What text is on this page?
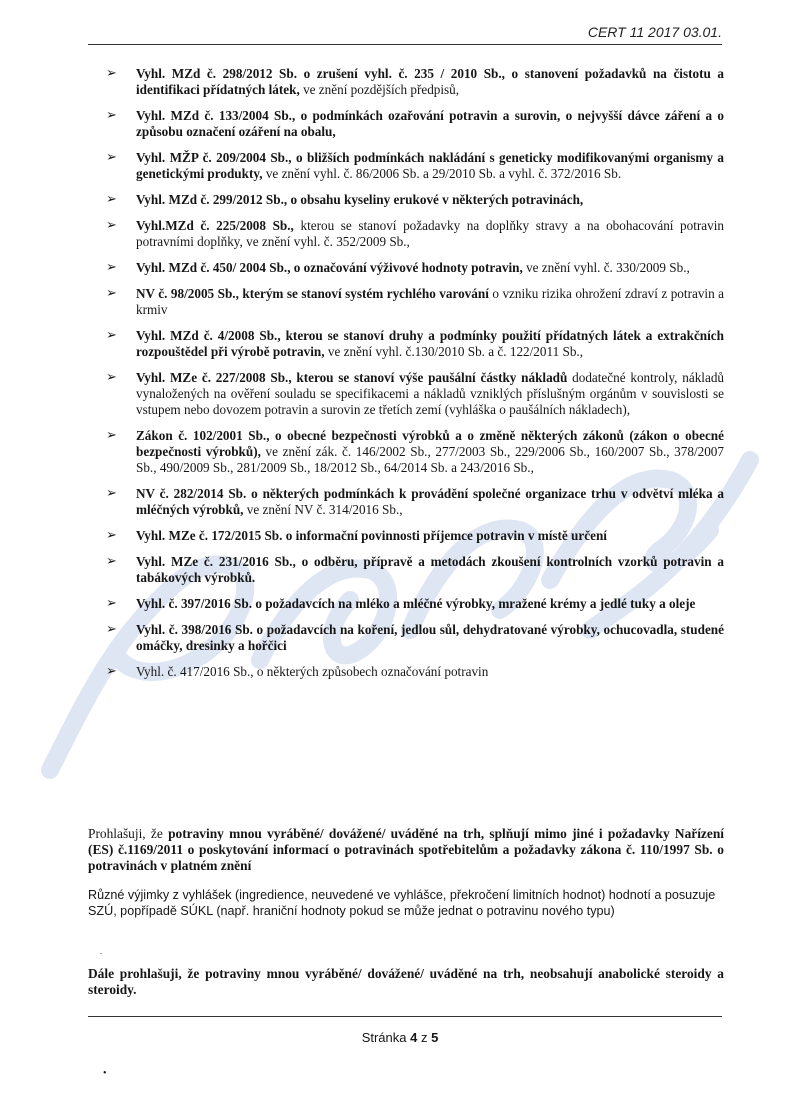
CERT 11 2017 03.01.
➢ Vyhl. MZd č. 298/2012 Sb. o zrušení vyhl. č. 235 / 2010 Sb., o stanovení požadavků na čistotu a identifikaci přídatných látek, ve znění pozdějších předpisů,
➢ Vyhl. MZd č. 133/2004 Sb., o podmínkách ozařování potravin a surovin, o nejvyšší dávce záření a o způsobu označení ozáření na obalu,
➢ Vyhl. MŽP č. 209/2004 Sb., o bližších podmínkách nakládání s geneticky modifikovanými organismy a genetickými produkty, ve znění vyhl. č. 86/2006 Sb. a 29/2010 Sb. a vyhl. č. 372/2016 Sb.
➢ Vyhl. MZd č. 299/2012 Sb., o obsahu kyseliny erukové v některých potravinách,
➢ Vyhl.MZd č. 225/2008 Sb., kterou se stanoví požadavky na doplňky stravy a na obohacování potravin potravními doplňky, ve znění vyhl. č. 352/2009 Sb.,
➢ Vyhl. MZd č. 450/ 2004 Sb., o označování výživové hodnoty potravin, ve znění vyhl. č. 330/2009 Sb.,
➢ NV č. 98/2005 Sb., kterým se stanoví systém rychlého varování o vzniku rizika ohrožení zdraví z potravin a krmiv
➢ Vyhl. MZd č. 4/2008 Sb., kterou se stanoví druhy a podmínky použití přídatných látek a extrakčních rozpouštědel při výrobě potravin, ve znění vyhl. č.130/2010 Sb. a č. 122/2011 Sb.,
➢ Vyhl. MZe č. 227/2008 Sb., kterou se stanoví výše paušální částky nákladů dodatečné kontroly, nákladů vynaložených na ověření souladu se specifikacemi a nákladů vzniklých příslušným orgánům v souvislosti se vstupem nebo dovozem potravin a surovin ze třetích zemí (vyhláška o paušálních nákladech),
➢ Zákon č. 102/2001 Sb., o obecné bezpečnosti výrobků a o změně některých zákonů (zákon o obecné bezpečnosti výrobků), ve znění zák. č. 146/2002 Sb., 277/2003 Sb., 229/2006 Sb., 160/2007 Sb., 378/2007 Sb., 490/2009 Sb., 281/2009 Sb., 18/2012 Sb., 64/2014 Sb. a 243/2016 Sb.,
➢ NV č. 282/2014 Sb. o některých podmínkách k provádění společné organizace trhu v odvětví mléka a mléčných výrobků, ve znění NV č. 314/2016 Sb.,
➢ Vyhl. MZe č. 172/2015 Sb. o informační povinnosti příjemce potravin v místě určení
➢ Vyhl. MZe č. 231/2016 Sb., o odběru, přípravě a metodách zkoušení kontrolních vzorků potravin a tabákových výrobků.
➢ Vyhl. č. 397/2016 Sb. o požadavcích na mléko a mléčné výrobky, mražené krémy a jedlé tuky a oleje
➢ Vyhl. č. 398/2016 Sb. o požadavcích na koření, jedlou sůl, dehydratované výrobky, ochucovadla, studené omáčky, dresinky a hořčici
➢ Vyhl. č. 417/2016 Sb., o některých způsobech označování potravin
Prohlašuji, že potraviny mnou vyráběné/ dovážené/ uváděné na trh, splňují mimo jiné i požadavky Nařízení (ES) č.1169/2011 o poskytování informací o potravinách spotřebitelům a požadavky zákona č. 110/1997 Sb. o potravinách v platném znění
Různé výjimky z vyhlášek (ingredience, neuvedené ve vyhlášce, překročení limitních hodnot) hodnotí a posuzuje SZÚ, popřípadě SÚKL (např. hraniční hodnoty pokud se může jednat o potravinu nového typu)
.
Dále prohlašuji, že potraviny mnou vyráběné/ dovážené/ uváděné na trh, neobsahují anabolické steroidy a steroidy.
Stránka 4 z 5
•
